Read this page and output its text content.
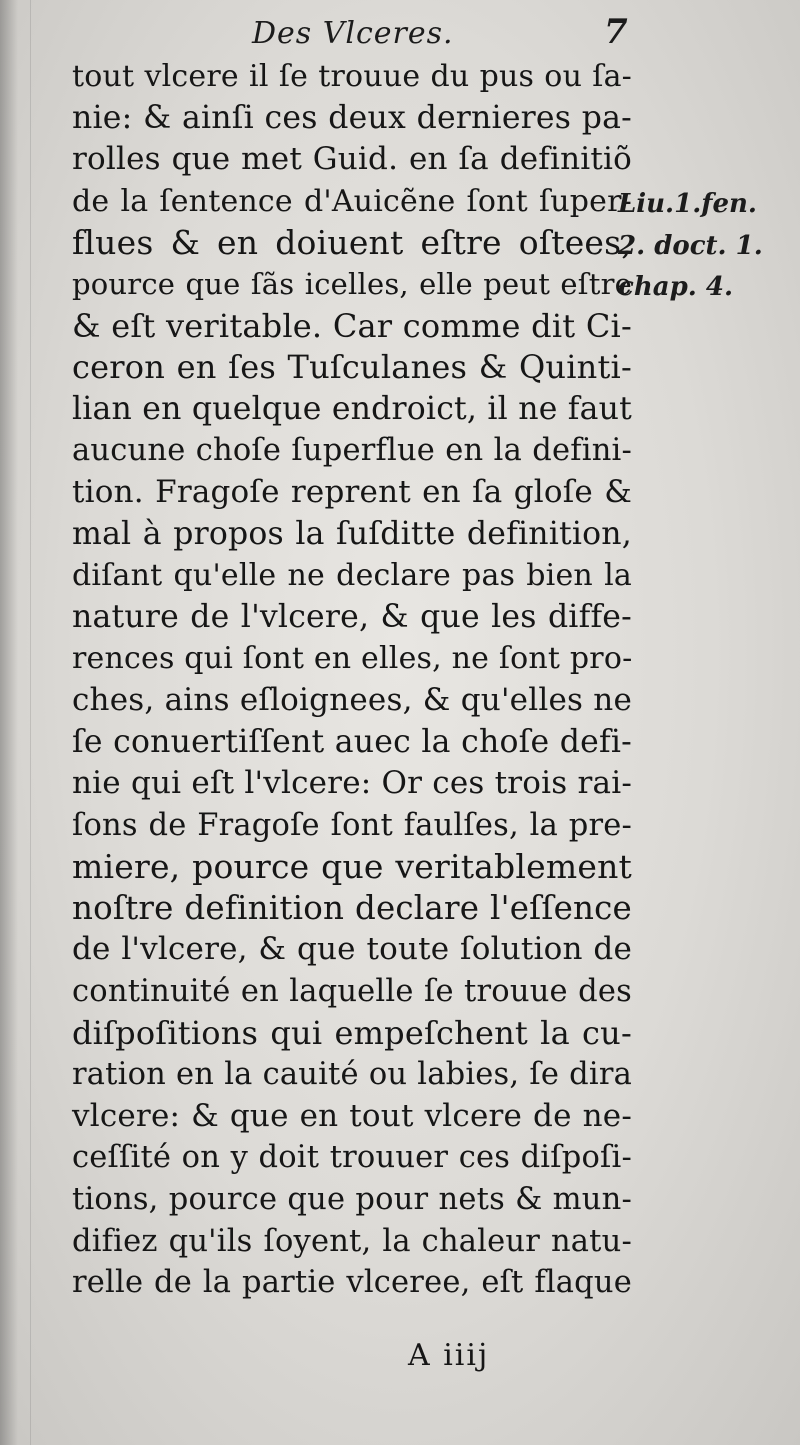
Des Vlceres.	7
tout vlcere il ſe trouue du pus ou ſa-
nie: & ainſi ces deux dernieres pa-
rolles que met Guid. en ſa definitiõ
de la ſentence d'Auicẽne ſont ſuper-
flues & en doiuent eſtre oſtees,
pource que ſãs icelles, elle peut eſtre
& eſt veritable. Car comme dit Ci-
ceron en ſes Tuſculanes & Quinti-
lian en quelque endroict, il ne faut
aucune choſe ſuperflue en la defini-
tion. Fragoſe reprent en ſa gloſe &
mal à propos la ſuſditte definition,
diſant qu'elle ne declare pas bien la
nature de l'vlcere, & que les diffe-
rences qui ſont en elles, ne ſont pro-
ches, ains eſloignees, & qu'elles ne
ſe conuertiſſent auec la choſe defi-
nie qui eſt l'vlcere: Or ces trois rai-
ſons de Fragoſe ſont faulſes, la pre-
miere, pource que veritablement
noſtre definition declare l'eſſence
de l'vlcere, & que toute ſolution de
continuité en laquelle ſe trouue des
diſpoſitions qui empeſchent la cu-
ration en la cauité ou labies, ſe dira
vlcere: & que en tout vlcere de ne-
ceſſité on y doit trouuer ces diſpoſi-
tions, pource que pour nets & mun-
difiez qu'ils ſoyent, la chaleur natu-
relle de la partie vlceree, eſt flaque
Liu.1.fen.
2. doct. 1.
chap. 4.
A iiij
